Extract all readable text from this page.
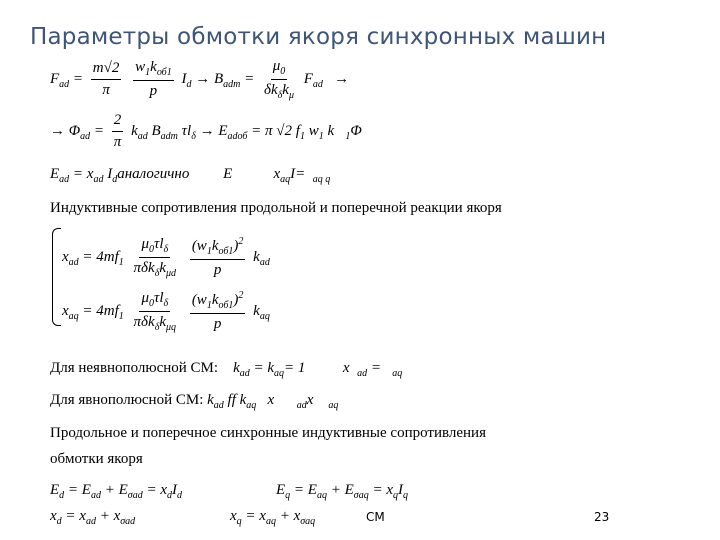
Параметры обмотки якоря синхронных машин
$F_{ad} = \frac{m√2}{\pi}$
$\frac{w_1k_{об1}}{p} I_d \to B_{adm} = \frac{\mu_0}{\delta k_\delta k_\mu} F_{ad}$ →
→ $\Phi_{ad} = \frac{2}{\pi} k_{ad}$ $B_{adm}$ $\tau l_\delta \to E_{adоб} = \pi$ √2 $f_1$ $w_1$ k $_1$Φ
$E_{ad} = x_{ad}$ $I_dаналогично$ E	$x_{aq}I= _{aq q}$
Индуктивные сопротивления продольной и поперечной реакции якоря
$x_{ad} = 4mf_1 \frac{\mu_0\tau l_\delta}{\pi\delta k_\delta k_{\mu d}}$
$\frac{(w_1k_{об1})^2}{p} k_{ad}$
$x_{aq} = 4mf_1 \frac{\mu_0\tau l_\delta}{\pi\delta k_\delta k_{\mu q}}$
$\frac{(w_1k_{об1})^2}{p} k_{aq}$
Для неявнополюсной СМ: $k_{ad} = k_{aq}= 1$	x $_{ad}$ = $_{aq}$
Для явнополюсной СМ: $k_{ad}$ ff $k_{aq}$ x $_{ad}$x $_{aq}$
Продольное и поперечное синхронные индуктивные сопротивления
обмотки якоря
$E_d = E_{ad} + E_{\sigma ad} = x_dI_d$	$E_q = E_{aq} + E_{\sigma aq} = x_qI_q$
$x_d = x_{ad} + x_{\sigma ad}$	$x_q = x_{aq} + x_{\sigma aq}$	СМ	23
